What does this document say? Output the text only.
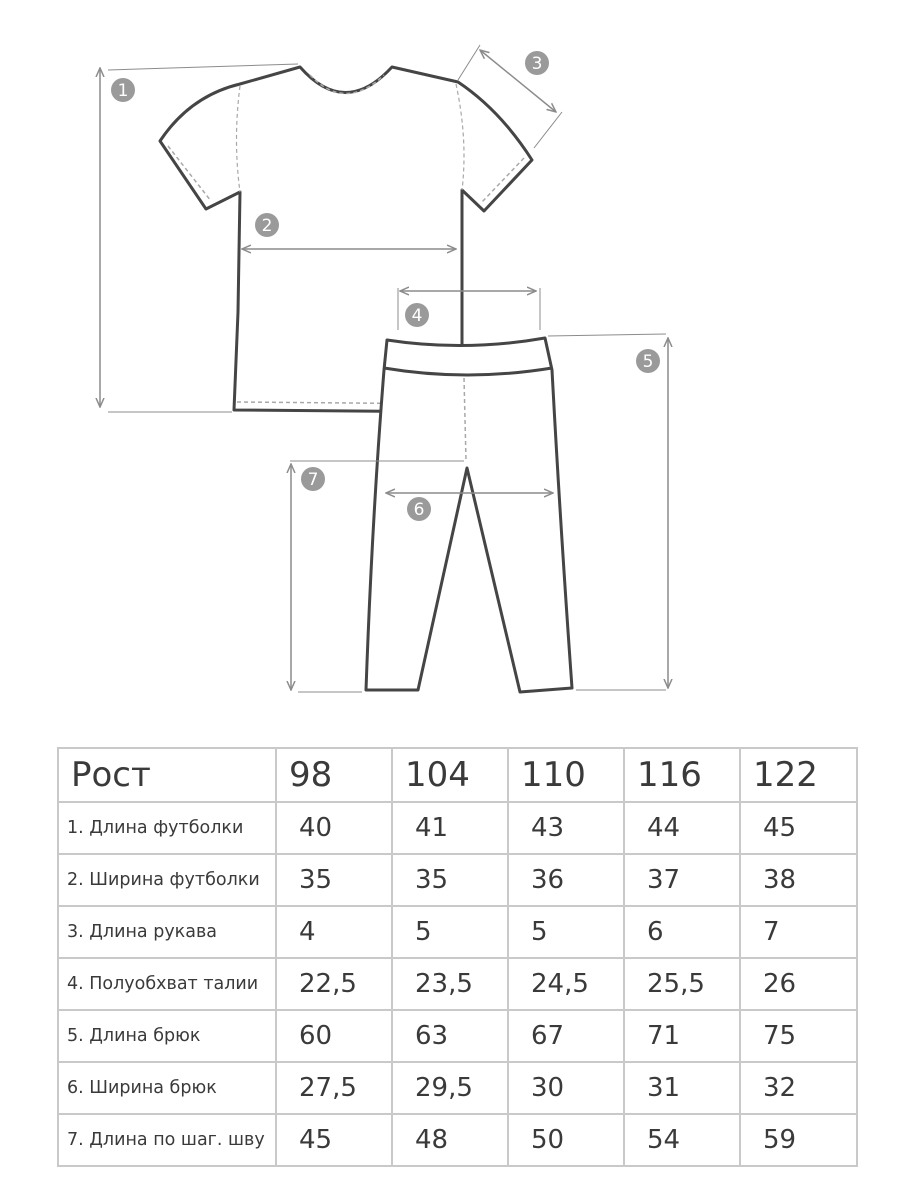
1
2
3
4
5
6
7
Рост	98	104	110	116	122
1. Длина футболки	40	41	43	44	45
2. Ширина футболки	35	35	36	37	38
3. Длина рукава	4	5	5	6	7
4. Полуобхват талии	22,5	23,5	24,5	25,5	26
5. Длина брюк	60	63	67	71	75
6. Ширина брюк	27,5	29,5	30	31	32
7. Длина по шаг. шву	45	48	50	54	59
